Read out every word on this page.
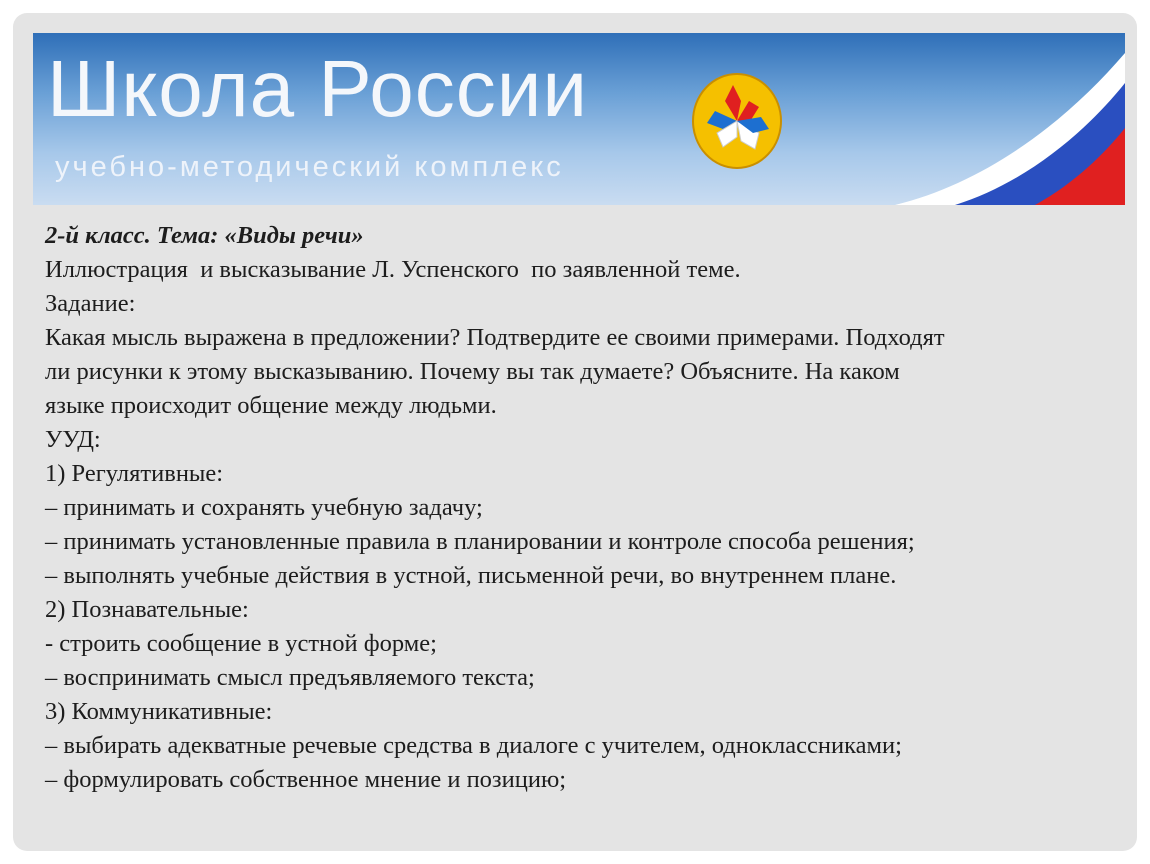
Школа России
учебно-методический комплекс
2-й класс. Тема: «Виды речи»
Иллюстрация  и высказывание Л. Успенского  по заявленной теме.
Задание:
Какая мысль выражена в предложении? Подтвердите ее своими примерами. Подходят
ли рисунки к этому высказыванию. Почему вы так думаете? Объясните. На каком
языке происходит общение между людьми.
УУД:
1) Регулятивные:
– принимать и сохранять учебную задачу;
– принимать установленные правила в планировании и контроле способа решения;
– выполнять учебные действия в устной, письменной речи, во внутреннем плане.
2) Познавательные:
- строить сообщение в устной форме;
– воспринимать смысл предъявляемого текста;
3) Коммуникативные:
– выбирать адекватные речевые средства в диалоге с учителем, одноклассниками;
– формулировать собственное мнение и позицию;
